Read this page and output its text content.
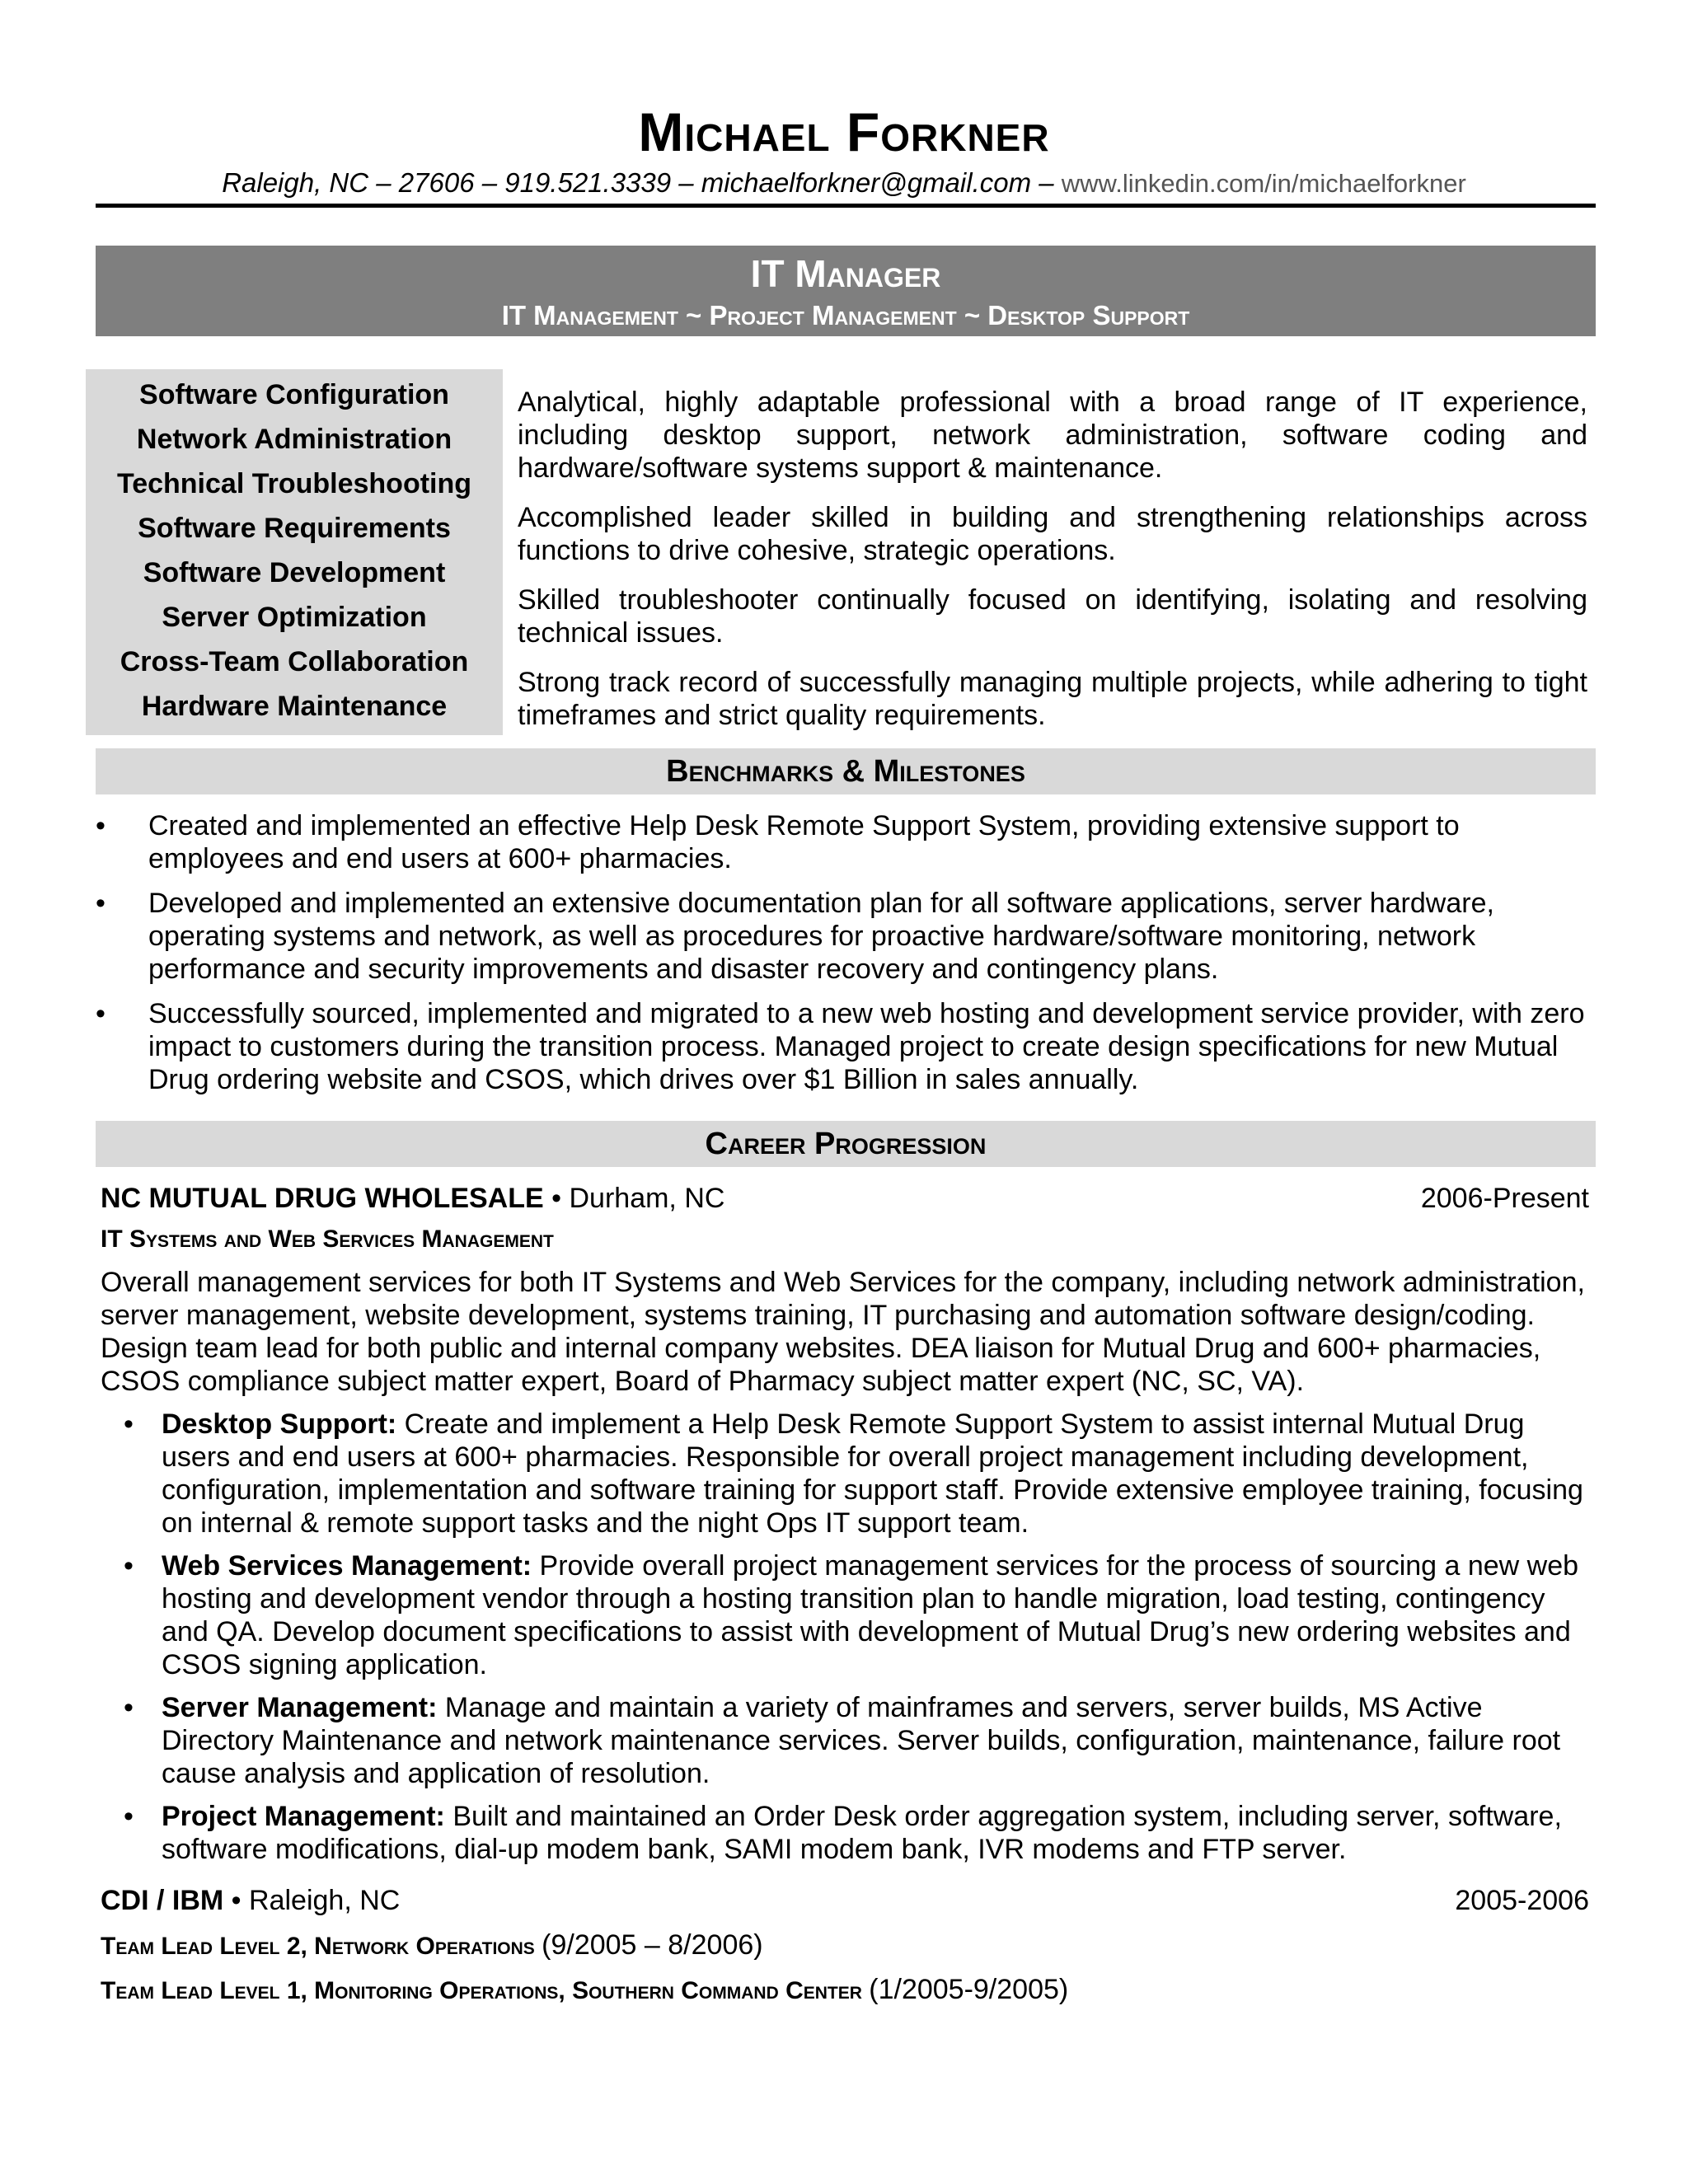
Michael Forkner
Raleigh, NC – 27606 – 919.521.3339 – michaelforkner@gmail.com – www.linkedin.com/in/michaelforkner
IT Manager
IT Management ~ Project Management ~ Desktop Support
Software Configuration
Network Administration
Technical Troubleshooting
Software Requirements
Software Development
Server Optimization
Cross-Team Collaboration
Hardware Maintenance

Analytical, highly adaptable professional with a broad range of IT experience, including desktop support, network administration, software coding and hardware/software systems support & maintenance.

Accomplished leader skilled in building and strengthening relationships across functions to drive cohesive, strategic operations.

Skilled troubleshooter continually focused on identifying, isolating and resolving technical issues.

Strong track record of successfully managing multiple projects, while adhering to tight timeframes and strict quality requirements.

Benchmarks & Milestones
• Created and implemented an effective Help Desk Remote Support System, providing extensive support to employees and end users at 600+ pharmacies.
• Developed and implemented an extensive documentation plan for all software applications, server hardware, operating systems and network, as well as procedures for proactive hardware/software monitoring, network performance and security improvements and disaster recovery and contingency plans.
• Successfully sourced, implemented and migrated to a new web hosting and development service provider, with zero impact to customers during the transition process. Managed project to create design specifications for new Mutual Drug ordering website and CSOS, which drives over $1 Billion in sales annually.
Career Progression
NC MUTUAL DRUG WHOLESALE • Durham, NC	2006-Present
IT Systems and Web Services Management
Overall management services for both IT Systems and Web Services for the company, including network administration, server management, website development, systems training, IT purchasing and automation software design/coding. Design team lead for both public and internal company websites. DEA liaison for Mutual Drug and 600+ pharmacies, CSOS compliance subject matter expert, Board of Pharmacy subject matter expert (NC, SC, VA).
• Desktop Support: Create and implement a Help Desk Remote Support System to assist internal Mutual Drug users and end users at 600+ pharmacies. Responsible for overall project management including development, configuration, implementation and software training for support staff. Provide extensive employee training, focusing on internal & remote support tasks and the night Ops IT support team.
• Web Services Management: Provide overall project management services for the process of sourcing a new web hosting and development vendor through a hosting transition plan to handle migration, load testing, contingency and QA. Develop document specifications to assist with development of Mutual Drug’s new ordering websites and CSOS signing application.
• Server Management: Manage and maintain a variety of mainframes and servers, server builds, MS Active Directory Maintenance and network maintenance services. Server builds, configuration, maintenance, failure root cause analysis and application of resolution.
• Project Management: Built and maintained an Order Desk order aggregation system, including server, software, software modifications, dial-up modem bank, SAMI modem bank, IVR modems and FTP server.
CDI / IBM • Raleigh, NC	2005-2006
Team Lead Level 2, Network Operations (9/2005 – 8/2006)
Team Lead Level 1, Monitoring Operations, Southern Command Center (1/2005-9/2005)
